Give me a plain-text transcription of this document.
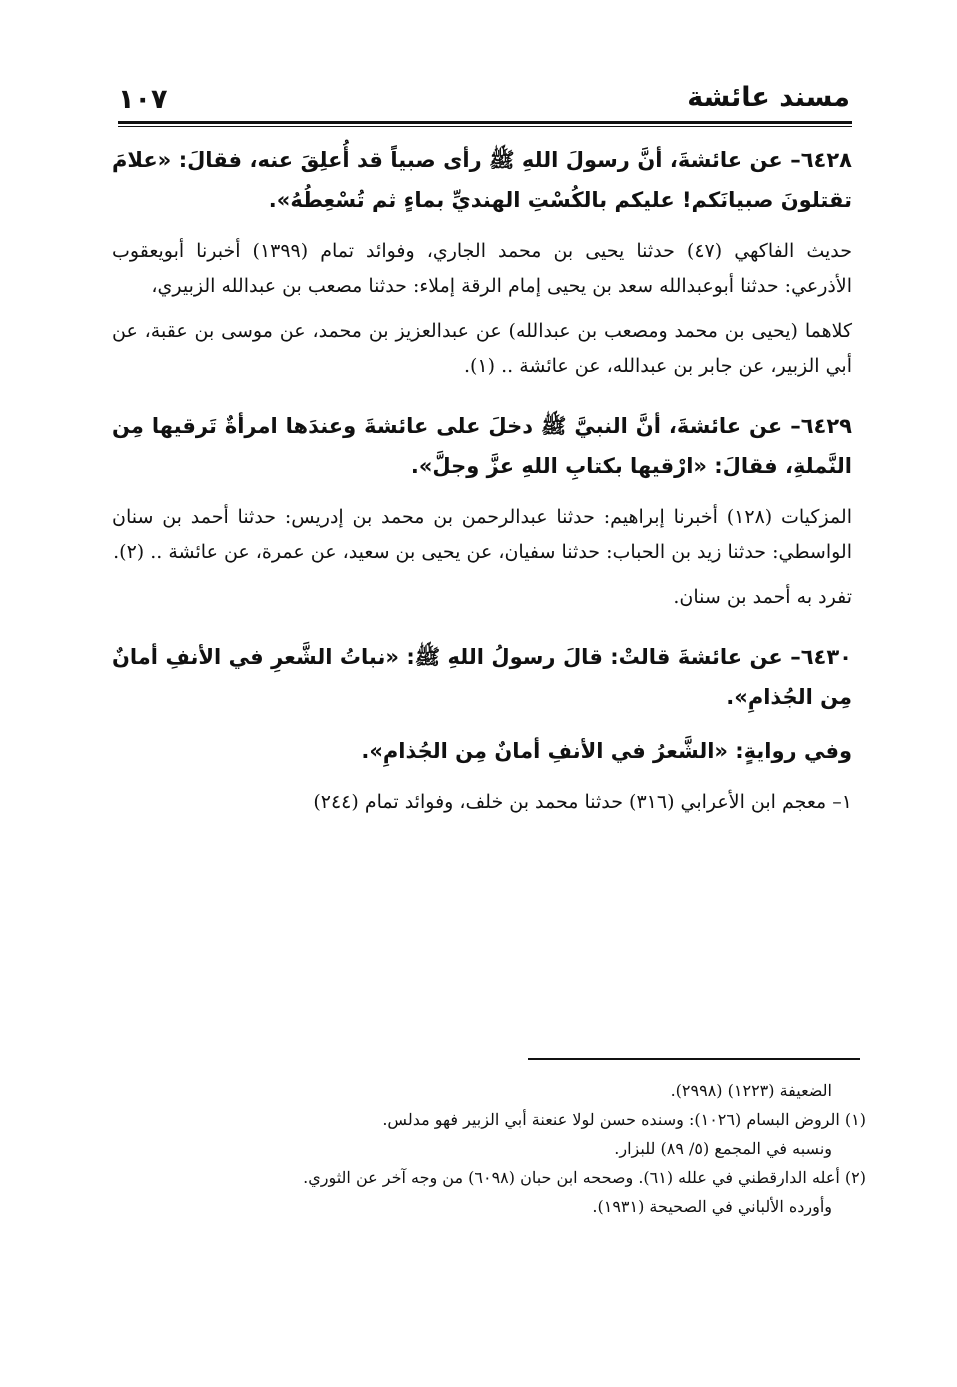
مسند عائشة
١٠٧

٦٤٢٨– عن عائشةَ، أنَّ رسولَ اللهِ ﷺ رأى صبياً قد أُعلِقَ عنه، فقالَ: «علامَ تقتلونَ صبيانَكم! عليكم بالكُسْتِ الهنديِّ بماءٍ ثم تُسْعِطُهُ».

حديث الفاكهي (٤٧) حدثنا يحيى بن محمد الجاري، وفوائد تمام (١٣٩٩) أخبرنا أبويعقوب الأذرعي: حدثنا أبوعبدالله سعد بن يحيى إمام الرقة إملاء: حدثنا مصعب بن عبدالله الزبيري،

كلاهما (يحيى بن محمد ومصعب بن عبدالله) عن عبدالعزيز بن محمد، عن موسى بن عقبة، عن أبي الزبير، عن جابر بن عبدالله، عن عائشة .. (١).

٦٤٢٩– عن عائشةَ، أنَّ النبيَّ ﷺ دخلَ على عائشةَ وعندَها امرأةٌ تَرقيها مِن النَّملةِ، فقالَ: «ارْقيها بكتابِ اللهِ عزَّ وجلَّ».

المزكيات (١٢٨) أخبرنا إبراهيم: حدثنا عبدالرحمن بن محمد بن إدريس: حدثنا أحمد بن سنان الواسطي: حدثنا زيد بن الحباب: حدثنا سفيان، عن يحيى بن سعيد، عن عمرة، عن عائشة .. (٢).

تفرد به أحمد بن سنان.

٦٤٣٠– عن عائشةَ قالتْ: قالَ رسولُ اللهِ ﷺ: «نباتُ الشَّعرِ في الأنفِ أمانٌ مِن الجُذامِ».

وفي روايةٍ: «الشَّعرُ في الأنفِ أمانٌ مِن الجُذامِ».

١– معجم ابن الأعرابي (٣١٦) حدثنا محمد بن خلف، وفوائد تمام (٢٤٤)

الضعيفة (١٢٢٣) (٢٩٩٨).

(١) الروض البسام (١٠٢٦): وسنده حسن لولا عنعنة أبي الزبير فهو مدلس.

ونسبه في المجمع (٥/ ٨٩) للبزار.

(٢) أعله الدارقطني في علله (٦١). وصححه ابن حبان (٦٠٩٨) من وجه آخر عن الثوري.

وأورده الألباني في الصحيحة (١٩٣١).
